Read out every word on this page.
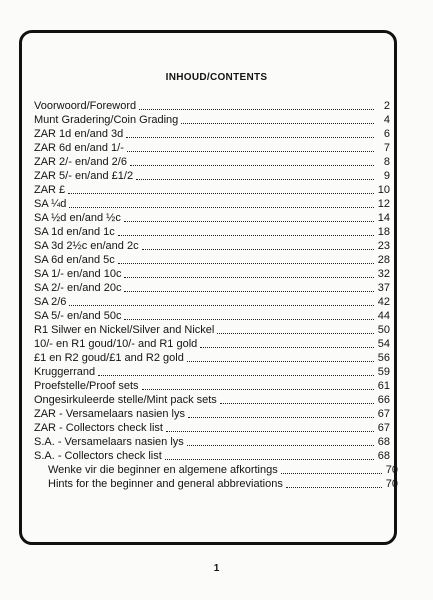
INHOUD/CONTENTS
Voorwoord/Foreword	2
Munt Gradering/Coin Grading	4
ZAR 1d en/and 3d	6
ZAR 6d en/and 1/-	7
ZAR 2/- en/and 2/6	8
ZAR 5/- en/and £1/2	9
ZAR £	10
SA ¼d	12
SA ½d en/and ½c	14
SA 1d en/and 1c	18
SA 3d 2½c en/and 2c	23
SA 6d en/and 5c	28
SA 1/- en/and 10c	32
SA 2/- en/and 20c	37
SA 2/6	42
SA 5/- en/and 50c	44
R1 Silwer en Nickel/Silver and Nickel	50
10/- en R1 goud/10/- and R1 gold	54
£1 en R2 goud/£1 and R2 gold	56
Kruggerrand	59
Proefstelle/Proof sets	61
Ongesirkuleerde stelle/Mint pack sets	66
ZAR - Versamelaars nasien lys	67
ZAR - Collectors check list	67
S.A. - Versamelaars nasien lys	68
S.A. - Collectors check list	68
Wenke vir die beginner en algemene afkortings	70
Hints for the beginner and general abbreviations	70
1
